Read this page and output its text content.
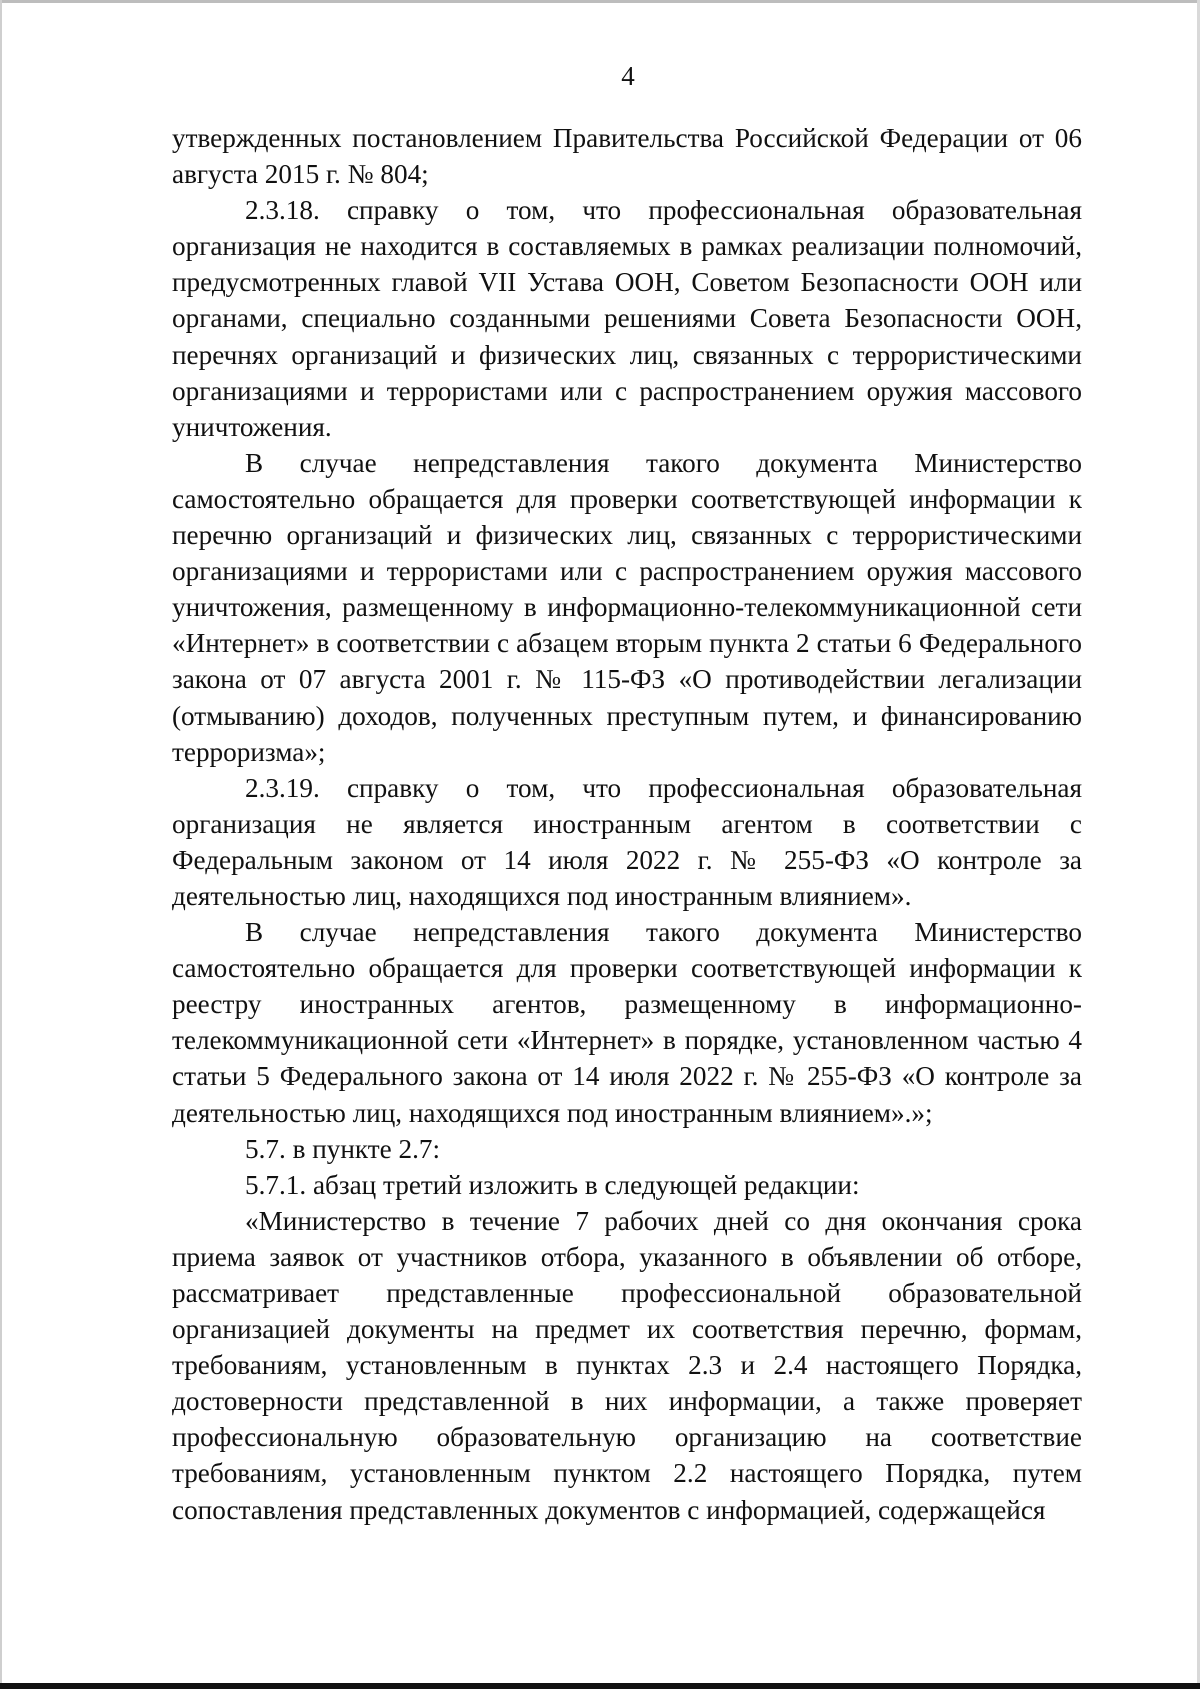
4

утвержденных постановлением Правительства Российской Федерации от 06 августа 2015 г. № 804;

2.3.18. справку о том, что профессиональная образовательная организация не находится в составляемых в рамках реализации полномочий, предусмотренных главой VII Устава ООН, Советом Безопасности ООН или органами, специально созданными решениями Совета Безопасности ООН, перечнях организаций и физических лиц, связанных с террористическими организациями и террористами или с распространением оружия массового уничтожения.

В случае непредставления такого документа Министерство самостоятельно обращается для проверки соответствующей информации к перечню организаций и физических лиц, связанных с террористическими организациями и террористами или с распространением оружия массового уничтожения, размещенному в информационно-телекоммуникационной сети «Интернет» в соответствии с абзацем вторым пункта 2 статьи 6 Федерального закона от 07 августа 2001 г. № 115-ФЗ «О противодействии легализации (отмыванию) доходов, полученных преступным путем, и финансированию терроризма»;

2.3.19. справку о том, что профессиональная образовательная организация не является иностранным агентом в соответствии с Федеральным законом от 14 июля 2022 г. № 255-ФЗ «О контроле за деятельностью лиц, находящихся под иностранным влиянием».

В случае непредставления такого документа Министерство самостоятельно обращается для проверки соответствующей информации к реестру иностранных агентов, размещенному в информационно-телекоммуникационной сети «Интернет» в порядке, установленном частью 4 статьи 5 Федерального закона от 14 июля 2022 г. № 255-ФЗ «О контроле за деятельностью лиц, находящихся под иностранным влиянием».»;

5.7. в пункте 2.7:

5.7.1. абзац третий изложить в следующей редакции:

«Министерство в течение 7 рабочих дней со дня окончания срока приема заявок от участников отбора, указанного в объявлении об отборе, рассматривает представленные профессиональной образовательной организацией документы на предмет их соответствия перечню, формам, требованиям, установленным в пунктах 2.3 и 2.4 настоящего Порядка, достоверности представленной в них информации, а также проверяет профессиональную образовательную организацию на соответствие требованиям, установленным пунктом 2.2 настоящего Порядка, путем сопоставления представленных документов с информацией, содержащейся
